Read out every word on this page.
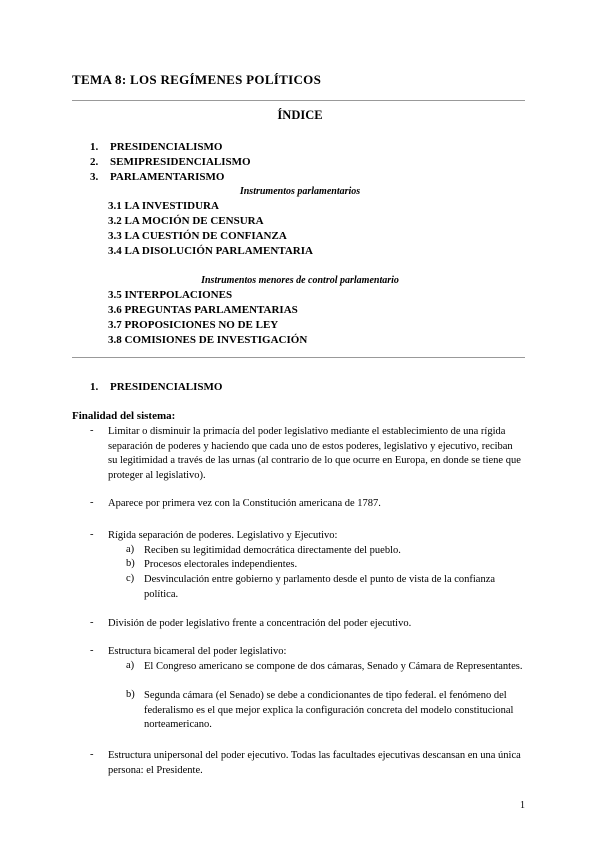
TEMA 8: LOS REGÍMENES POLÍTICOS
ÍNDICE
1. PRESIDENCIALISMO
2. SEMIPRESIDENCIALISMO
3. PARLAMENTARISMO
Instrumentos parlamentarios
3.1 LA INVESTIDURA
3.2 LA MOCIÓN DE CENSURA
3.3 LA CUESTIÓN DE CONFIANZA
3.4 LA DISOLUCIÓN PARLAMENTARIA
Instrumentos menores de control parlamentario
3.5 INTERPOLACIONES
3.6 PREGUNTAS PARLAMENTARIAS
3.7 PROPOSICIONES NO DE LEY
3.8 COMISIONES DE INVESTIGACIÓN
1. PRESIDENCIALISMO
Finalidad del sistema:
- Limitar o disminuir la primacía del poder legislativo mediante el establecimiento de una rígida separación de poderes y haciendo que cada uno de estos poderes, legislativo y ejecutivo, reciban su legitimidad a través de las urnas (al contrario de lo que ocurre en Europa, en donde se tiene que proteger al legislativo).
- Aparece por primera vez con la Constitución americana de 1787.
- Rígida separación de poderes. Legislativo y Ejecutivo:
a) Reciben su legitimidad democrática directamente del pueblo.
b) Procesos electorales independientes.
c) Desvinculación entre gobierno y parlamento desde el punto de vista de la confianza política.
- División de poder legislativo frente a concentración del poder ejecutivo.
- Estructura bicameral del poder legislativo:
a) El Congreso americano se compone de dos cámaras, Senado y Cámara de Representantes.
b) Segunda cámara (el Senado) se debe a condicionantes de tipo federal. el fenómeno del federalismo es el que mejor explica la configuración concreta del modelo constitucional norteamericano.
- Estructura unipersonal del poder ejecutivo. Todas las facultades ejecutivas descansan en una única persona: el Presidente.
1
